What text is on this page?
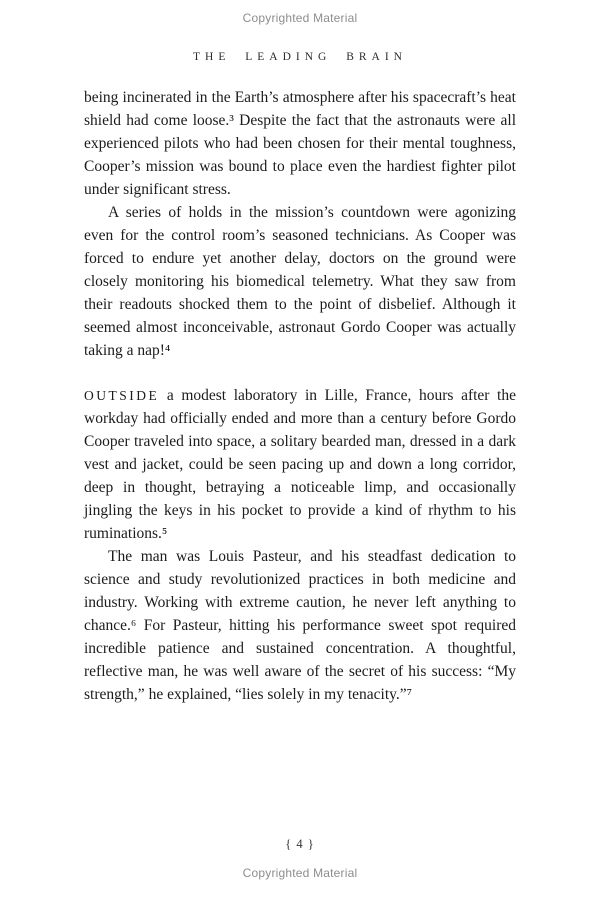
Copyrighted Material
THE LEADING BRAIN

being incinerated in the Earth’s atmosphere after his spacecraft’s heat shield had come loose.³ Despite the fact that the astronauts were all experienced pilots who had been chosen for their mental toughness, Cooper’s mission was bound to place even the hardiest fighter pilot under significant stress.

A series of holds in the mission’s countdown were agonizing even for the control room’s seasoned technicians. As Cooper was forced to endure yet another delay, doctors on the ground were closely monitoring his biomedical telemetry. What they saw from their readouts shocked them to the point of disbelief. Although it seemed almost inconceivable, astronaut Gordo Cooper was actually taking a nap!⁴

OUTSIDE a modest laboratory in Lille, France, hours after the workday had officially ended and more than a century before Gordo Cooper traveled into space, a solitary bearded man, dressed in a dark vest and jacket, could be seen pacing up and down a long corridor, deep in thought, betraying a noticeable limp, and occasionally jingling the keys in his pocket to provide a kind of rhythm to his ruminations.⁵

The man was Louis Pasteur, and his steadfast dedication to science and study revolutionized practices in both medicine and industry. Working with extreme caution, he never left anything to chance.⁶ For Pasteur, hitting his performance sweet spot required incredible patience and sustained concentration. A thoughtful, reflective man, he was well aware of the secret of his success: “My strength,” he explained, “lies solely in my tenacity.”⁷

{ 4 }
Copyrighted Material
